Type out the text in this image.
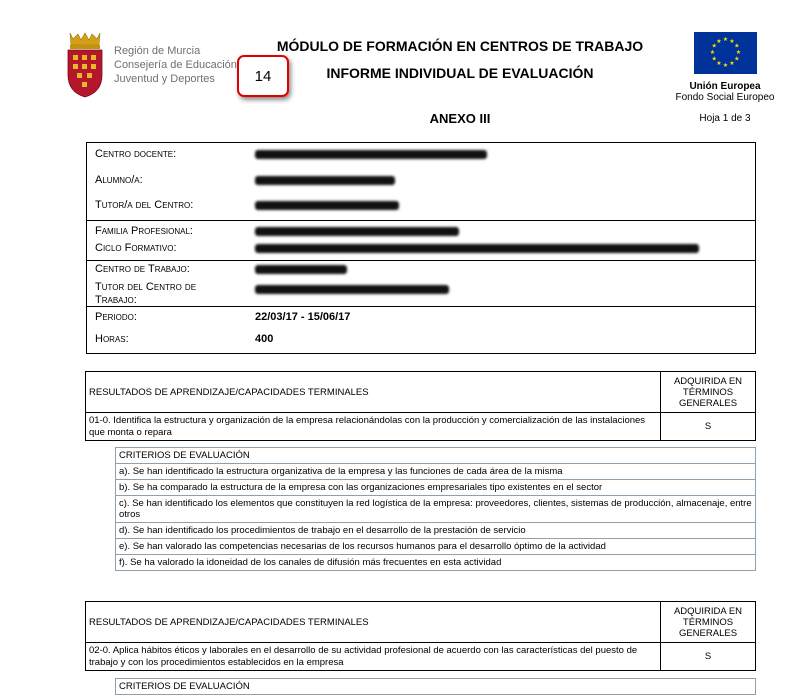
Región de Murcia
Consejería de Educación
Juventud y Deportes
MÓDULO DE FORMACIÓN EN CENTROS DE TRABAJO
INFORME INDIVIDUAL DE EVALUACIÓN
14
ANEXO III
★ ★
★
★
★
★
★
★
★
★
★
★
Unión Europea
Fondo Social Europeo
Hoja 1 de 3
Centro docente:
Alumno/a:
Tutor/a del Centro:
Familia Profesional:
Ciclo Formativo:
Centro de Trabajo:
Tutor del Centro de Trabajo:
Periodo:	22/03/17 - 15/06/17
Horas:	400
RESULTADOS DE APRENDIZAJE/CAPACIDADES TERMINALES	ADQUIRIDA EN TÉRMINOS GENERALES
01-0. Identifica la estructura y organización de la empresa relacionándolas con la producción y comercialización de las instalaciones que monta o repara	S
CRITERIOS DE EVALUACIÓN
a). Se han identificado la estructura organizativa de la empresa y las funciones de cada área de la misma
b). Se ha comparado la estructura de la empresa con las organizaciones empresariales tipo existentes en el sector
c). Se han identificado los elementos que constituyen la red logística de la empresa: proveedores, clientes, sistemas de producción, almacenaje, entre otros
d). Se han identificado los procedimientos de trabajo en el desarrollo de la prestación de servicio
e). Se han valorado las competencias necesarias de los recursos humanos para el desarrollo óptimo de la actividad
f). Se ha valorado la idoneidad de los canales de difusión más frecuentes en esta actividad
RESULTADOS DE APRENDIZAJE/CAPACIDADES TERMINALES	ADQUIRIDA EN TÉRMINOS GENERALES
02-0. Aplica hábitos éticos y laborales en el desarrollo de su actividad profesional de acuerdo con las características del puesto de trabajo y con los procedimientos establecidos en la empresa	S
CRITERIOS DE EVALUACIÓN
